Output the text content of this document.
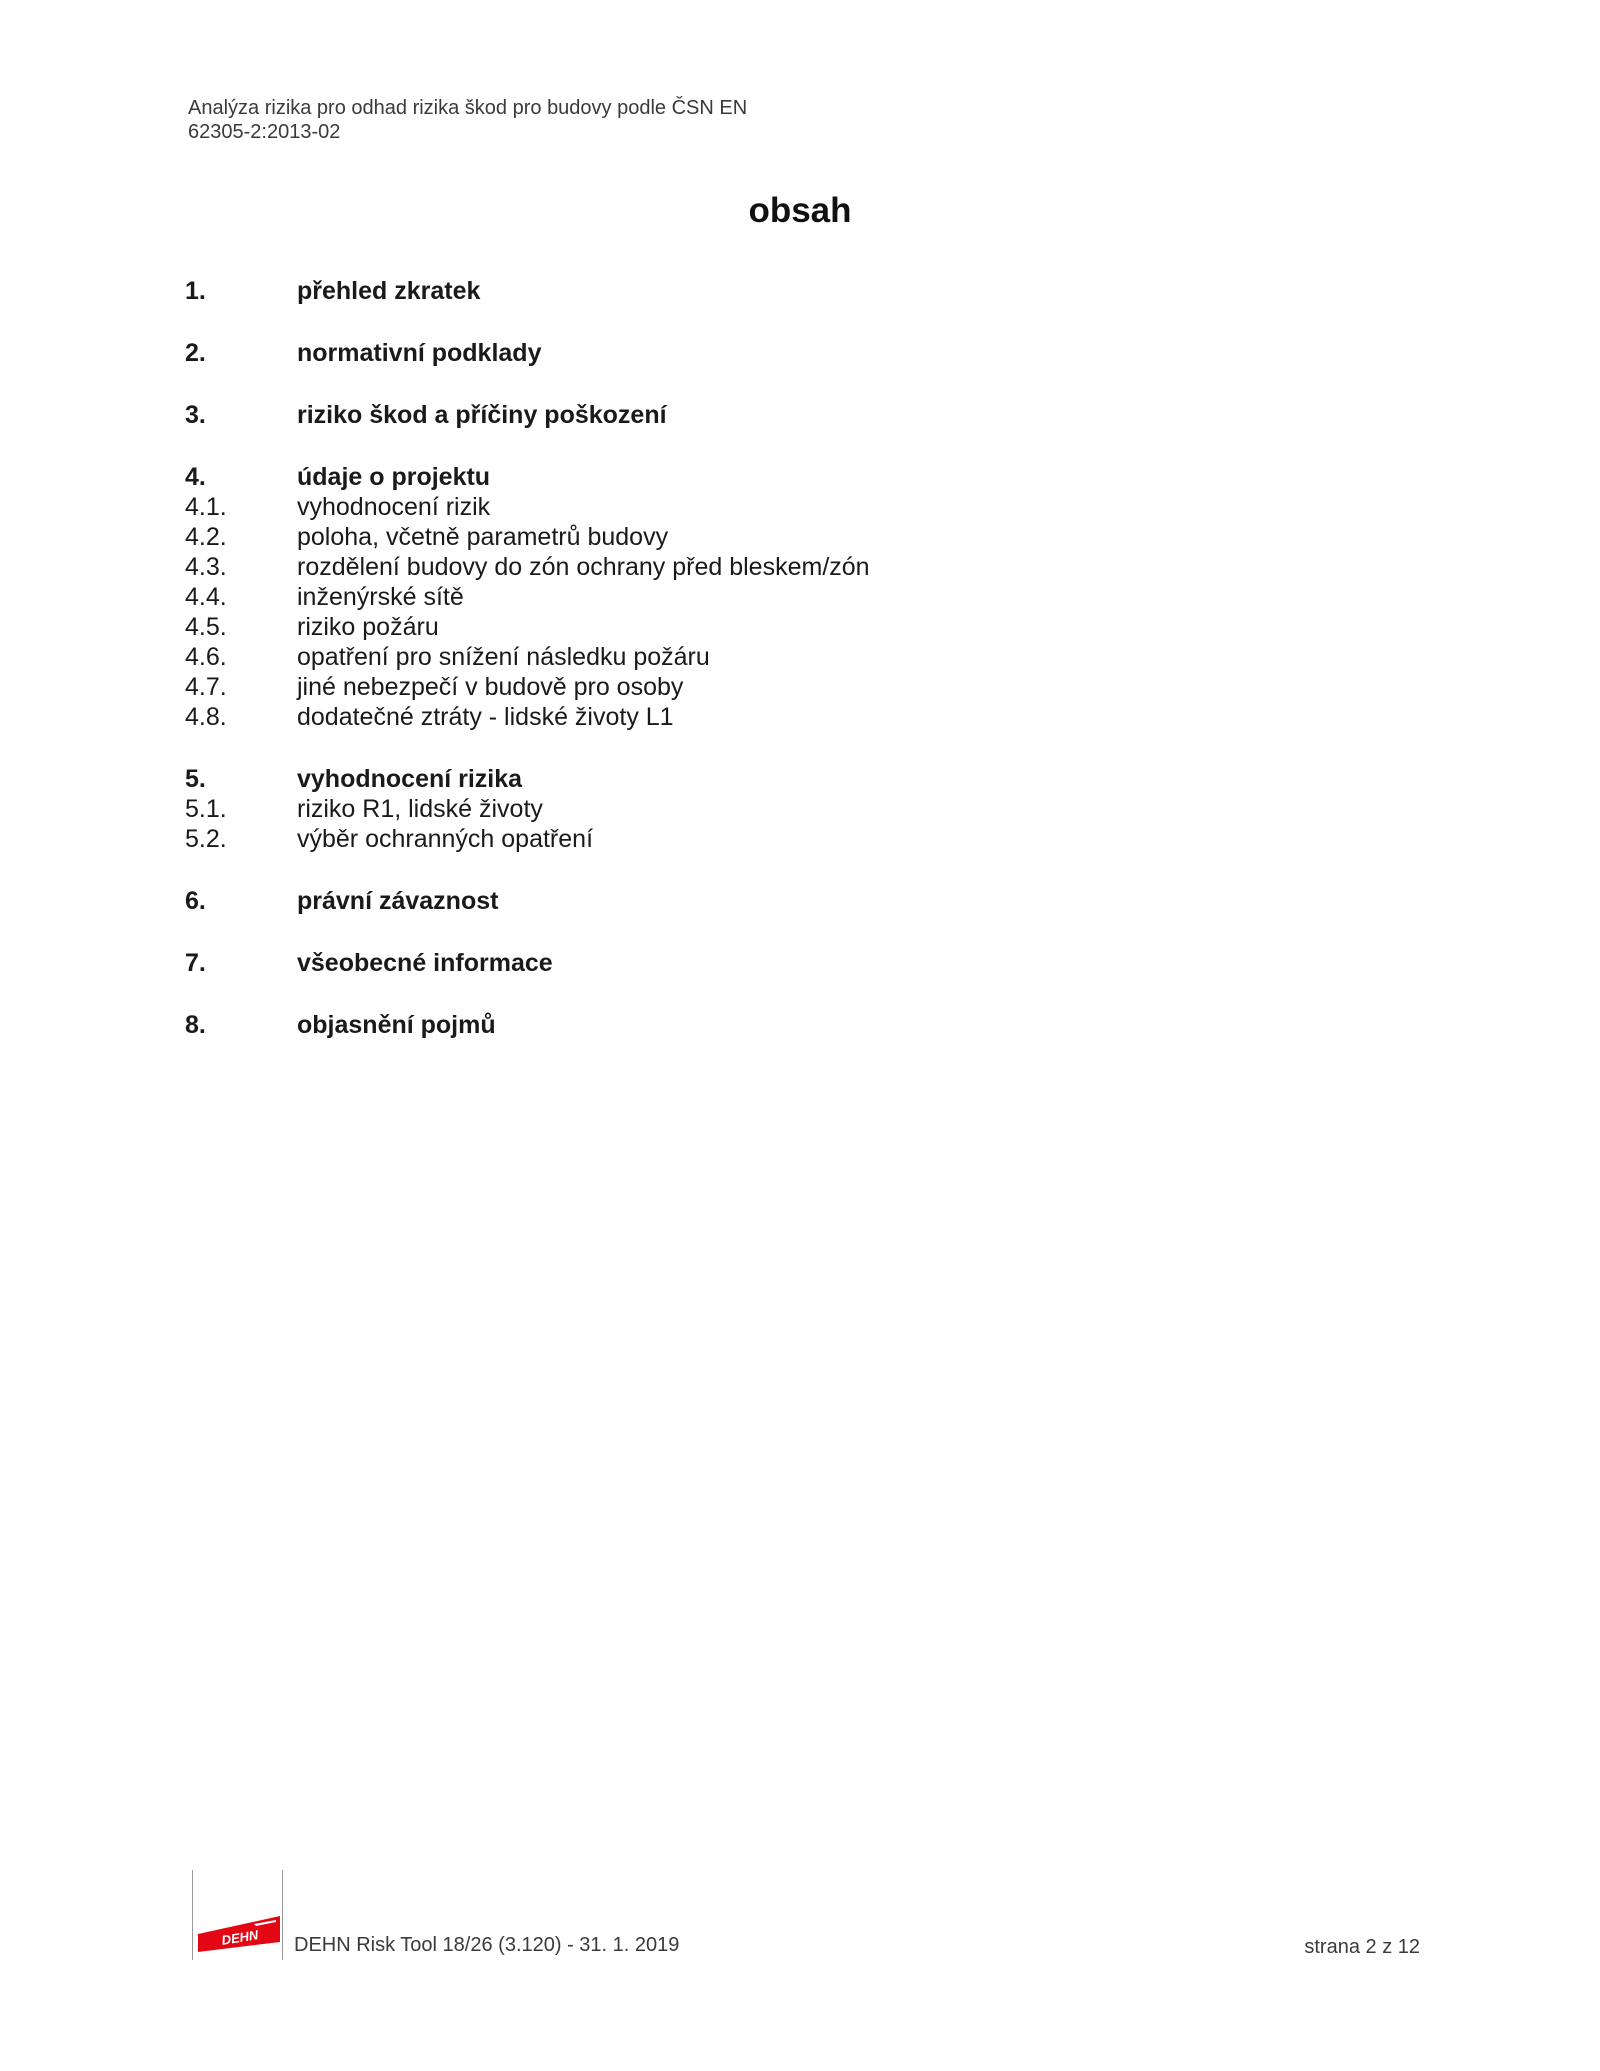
Analýza rizika pro odhad rizika škod pro budovy podle ČSN EN
62305-2:2013-02
obsah
1.	přehled zkratek
2.	normativní podklady
3.	riziko škod a příčiny poškození
4.	údaje o projektu
4.1.	vyhodnocení rizik
4.2.	poloha, včetně parametrů budovy
4.3.	rozdělení budovy do zón ochrany před bleskem/zón
4.4.	inženýrské sítě
4.5.	riziko požáru
4.6.	opatření pro snížení následku požáru
4.7.	jiné nebezpečí v budově pro osoby
4.8.	dodatečné ztráty - lidské životy L1
5.	vyhodnocení rizika
5.1.	riziko R1, lidské životy
5.2.	výběr ochranných opatření
6.	právní závaznost
7.	všeobecné informace
8.	objasnění pojmů
DEHN DEHN Risk Tool 18/26 (3.120) - 31. 1. 2019	strana 2 z 12
